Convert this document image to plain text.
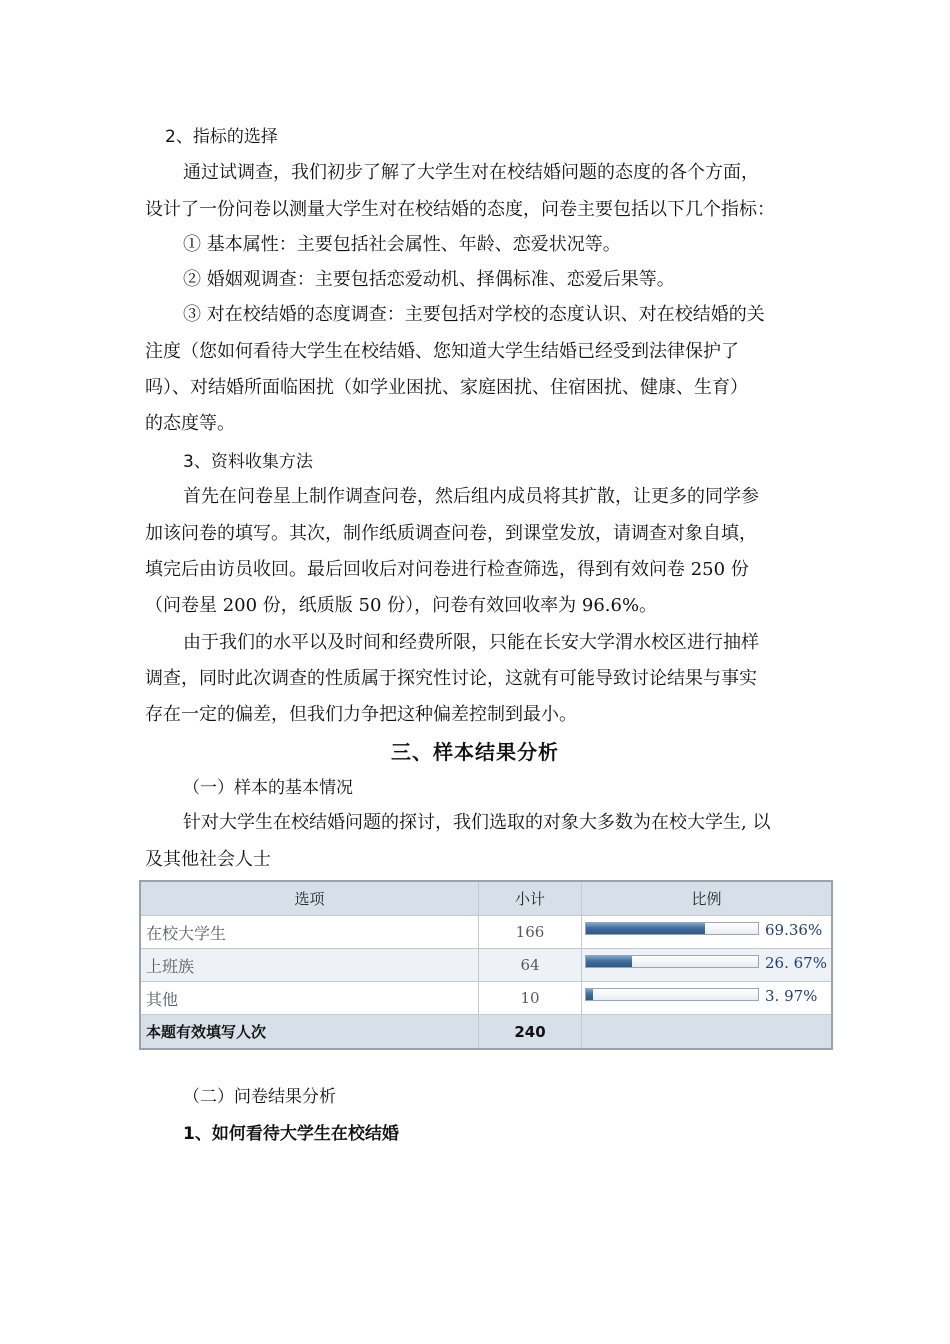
2、指标的选择
通过试调查，我们初步了解了大学生对在校结婚问题的态度的各个方面，
设计了一份问卷以测量大学生对在校结婚的态度，问卷主要包括以下几个指标：
① 基本属性：主要包括社会属性、年龄、恋爱状况等。
② 婚姻观调查：主要包括恋爱动机、择偶标准、恋爱后果等。
③ 对在校结婚的态度调查：主要包括对学校的态度认识、对在校结婚的关
注度（您如何看待大学生在校结婚、您知道大学生结婚已经受到法律保护了
吗）、对结婚所面临困扰（如学业困扰、家庭困扰、住宿困扰、健康、生育）
的态度等。
3、资料收集方法
首先在问卷星上制作调查问卷，然后组内成员将其扩散，让更多的同学参
加该问卷的填写。其次，制作纸质调查问卷，到课堂发放，请调查对象自填，
填完后由访员收回。最后回收后对问卷进行检查筛选，得到有效问卷 250 份
（问卷星 200 份，纸质版 50 份），问卷有效回收率为 96.6%。
由于我们的水平以及时间和经费所限，只能在长安大学渭水校区进行抽样
调查，同时此次调查的性质属于探究性讨论，这就有可能导致讨论结果与事实
存在一定的偏差，但我们力争把这种偏差控制到最小。
三、样本结果分析
（一）样本的基本情况
针对大学生在校结婚问题的探讨，我们选取的对象大多数为在校大学生, 以
及其他社会人士
选项	小计	比例
在校大学生	166	69.36%
上班族	64	26. 67%
其他	10	3. 97%
本题有效填写人次	240
（二）问卷结果分析
1、如何看待大学生在校结婚
